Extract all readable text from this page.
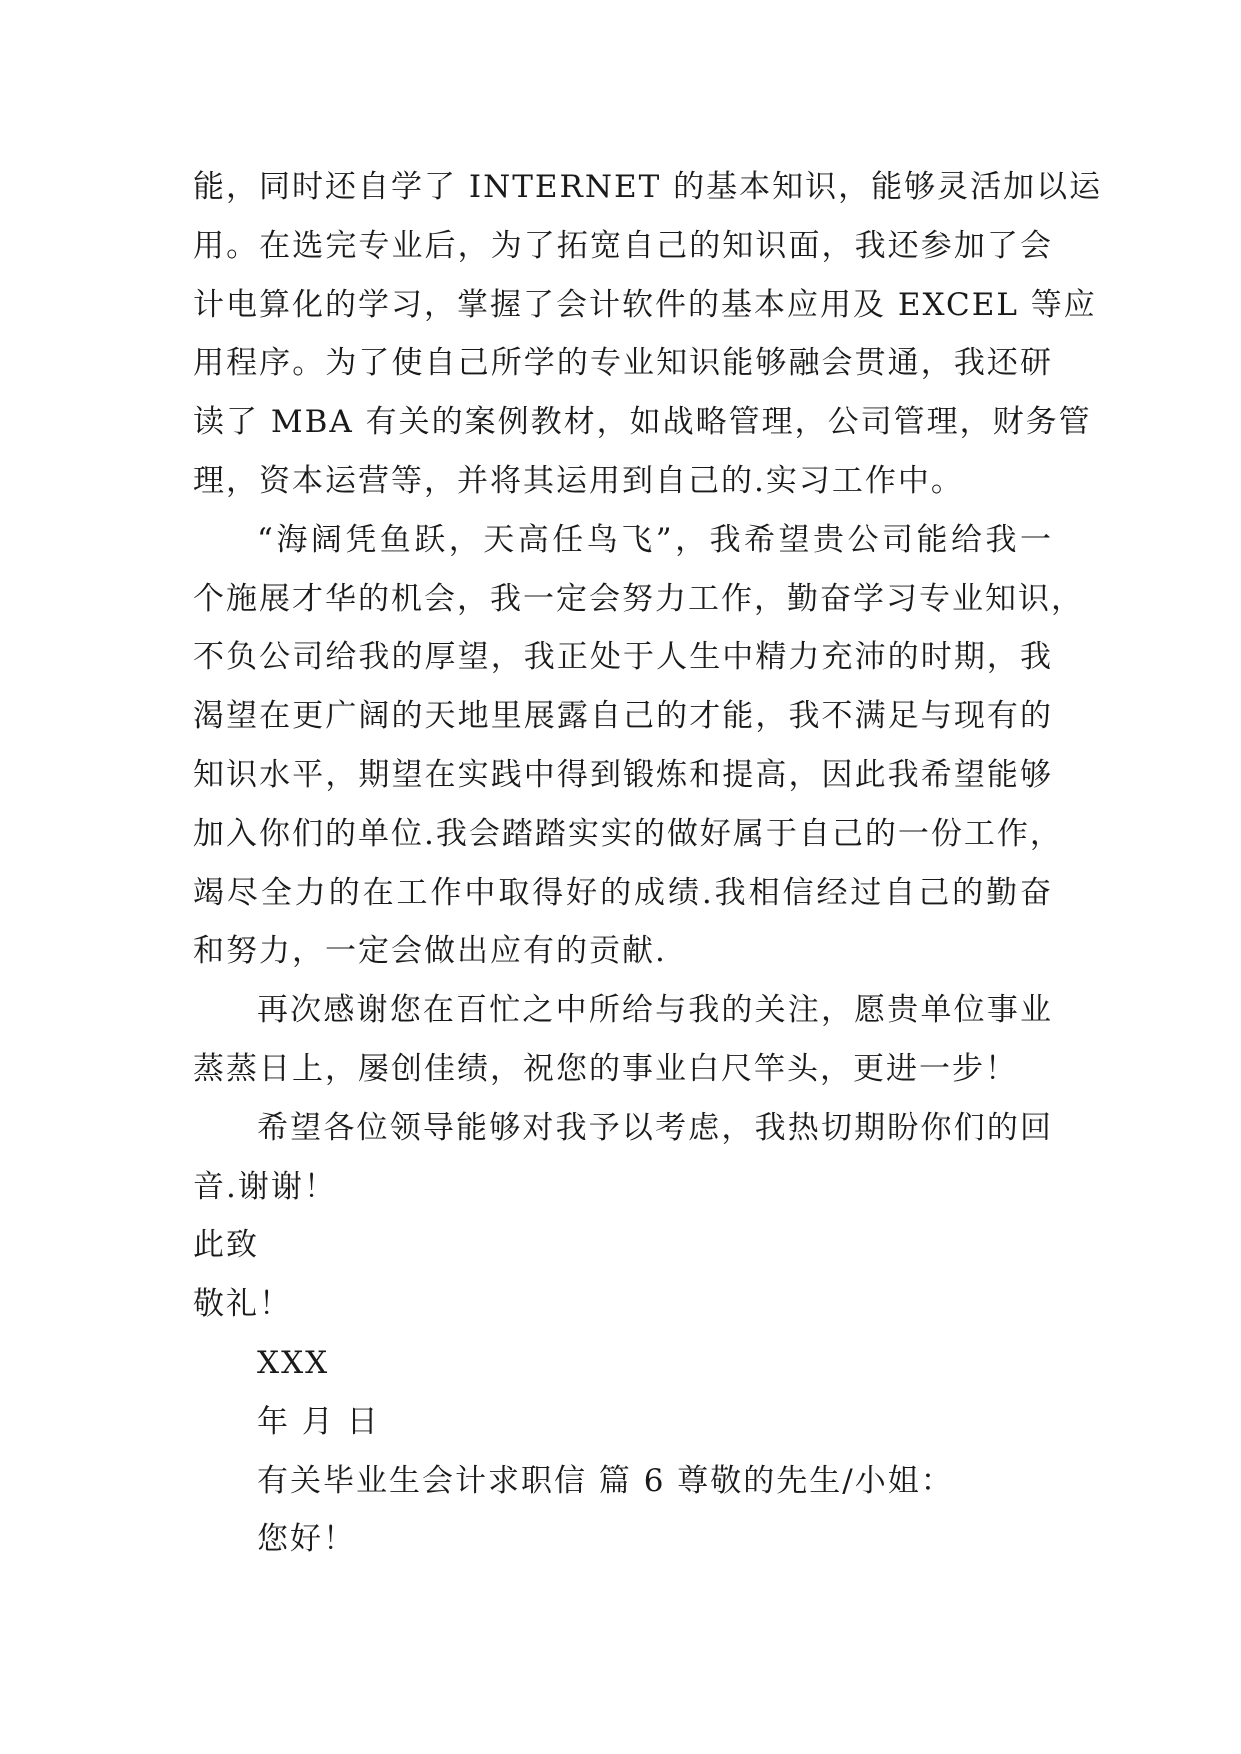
能，同时还自学了 INTERNET 的基本知识，能够灵活加以运
用。在选完专业后，为了拓宽自己的知识面，我还参加了会
计电算化的学习，掌握了会计软件的基本应用及 EXCEL 等应
用程序。为了使自己所学的专业知识能够融会贯通，我还研
读了 MBA 有关的案例教材，如战略管理，公司管理，财务管
理，资本运营等，并将其运用到自己的.实习工作中。
“海阔凭鱼跃，天高任鸟飞”，我希望贵公司能给我一
个施展才华的机会，我一定会努力工作，勤奋学习专业知识，
不负公司给我的厚望，我正处于人生中精力充沛的时期，我
渴望在更广阔的天地里展露自己的才能，我不满足与现有的
知识水平，期望在实践中得到锻炼和提高，因此我希望能够
加入你们的单位.我会踏踏实实的做好属于自己的一份工作，
竭尽全力的在工作中取得好的成绩.我相信经过自己的勤奋
和努力，一定会做出应有的贡献.
再次感谢您在百忙之中所给与我的关注，愿贵单位事业
蒸蒸日上，屡创佳绩，祝您的事业白尺竿头，更进一步！
希望各位领导能够对我予以考虑，我热切期盼你们的回
音.谢谢！
此致
敬礼！
XXX
年 月 日
有关毕业生会计求职信 篇 6 尊敬的先生/小姐：
您好！
